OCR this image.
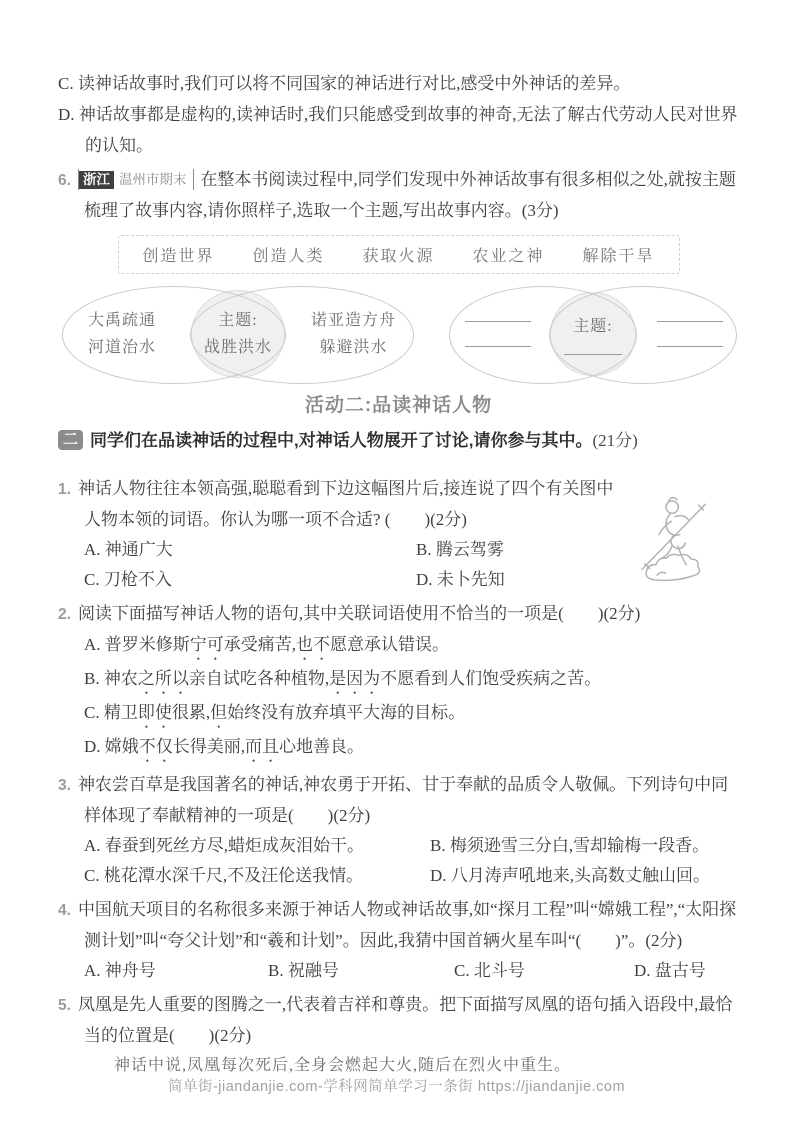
C. 读神话故事时,我们可以将不同国家的神话进行对比,感受中外神话的差异。

D. 神话故事都是虚构的,读神话时,我们只能感受到故事的神奇,无法了解古代劳动人民对世界的认知。

6. 浙江 温州市期末 在整本书阅读过程中,同学们发现中外神话故事有很多相似之处,就按主题梳理了故事内容,请你照样子,选取一个主题,写出故事内容。(3分)

创造世界 创造人类 获取火源 农业之神 解除干旱
大禹疏通
河道治水
主题:
战胜洪水
诺亚造方舟
躲避洪水
主题:

活动二:品读神话人物

二 同学们在品读神话的过程中,对神话人物展开了讨论,请你参与其中。(21分)

1. 神话人物往往本领高强,聪聪看到下边这幅图片后,接连说了四个有关图中人物本领的词语。你认为哪一项不合适? (　　)(2分)

A. 神通广大	B. 腾云驾雾
C. 刀枪不入	D. 未卜先知

2. 阅读下面描写神话人物的语句,其中关联词语使用不恰当的一项是(　　)(2分)

A. 普罗米修斯宁可承受痛苦,也不愿意承认错误。

B. 神农之所以亲自试吃各种植物,是因为不愿看到人们饱受疾病之苦。

C. 精卫即使很累,但始终没有放弃填平大海的目标。

D. 嫦娥不仅长得美丽,而且心地善良。

3. 神农尝百草是我国著名的神话,神农勇于开拓、甘于奉献的品质令人敬佩。下列诗句中同样体现了奉献精神的一项是(　　)(2分)

A. 春蚕到死丝方尽,蜡炬成灰泪始干。	B. 梅须逊雪三分白,雪却输梅一段香。
C. 桃花潭水深千尺,不及汪伦送我情。	D. 八月涛声吼地来,头高数丈触山回。

4. 中国航天项目的名称很多来源于神话人物或神话故事,如“探月工程”叫“嫦娥工程”,“太阳探测计划”叫“夸父计划”和“羲和计划”。因此,我猜中国首辆火星车叫“(　　)”。(2分)

A. 神舟号	B. 祝融号	C. 北斗号	D. 盘古号

5. 凤凰是先人重要的图腾之一,代表着吉祥和尊贵。把下面描写凤凰的语句插入语段中,最恰当的位置是(　　)(2分)

神话中说,凤凰每次死后,全身会燃起大火,随后在烈火中重生。

简单街-jiandanjie.com-学科网简单学习一条街 https://jiandanjie.com
